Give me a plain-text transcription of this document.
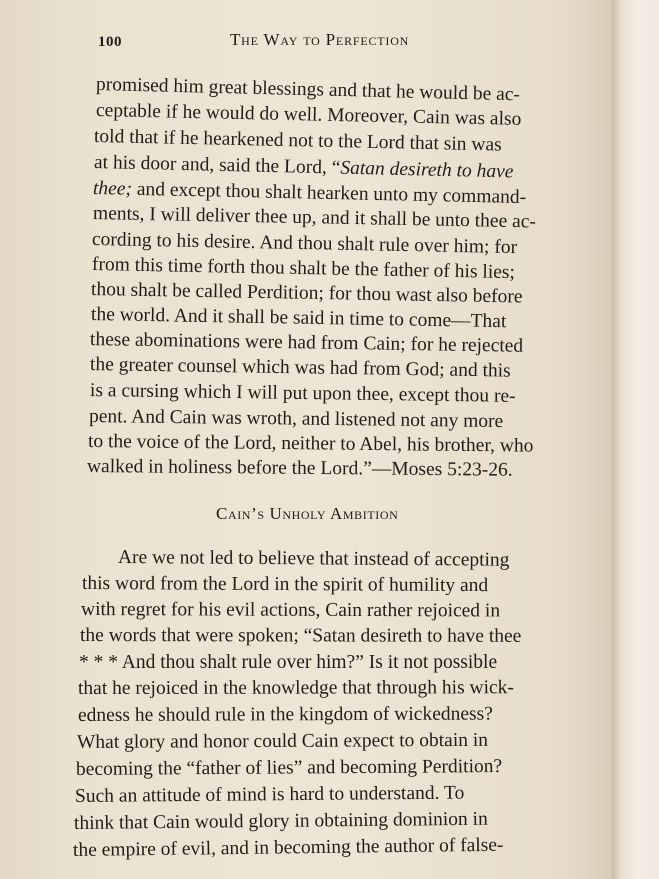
100	The Way to Perfection
promised him great blessings and that he would be ac-
ceptable if he would do well. Moreover, Cain was also
told that if he hearkened not to the Lord that sin was
at his door and, said the Lord, “Satan desireth to have
thee; and except thou shalt hearken unto my command-
ments, I will deliver thee up, and it shall be unto thee ac-
cording to his desire. And thou shalt rule over him; for
from this time forth thou shalt be the father of his lies;
thou shalt be called Perdition; for thou wast also before
the world. And it shall be said in time to come—That
these abominations were had from Cain; for he rejected
the greater counsel which was had from God; and this
is a cursing which I will put upon thee, except thou re-
pent. And Cain was wroth, and listened not any more
to the voice of the Lord, neither to Abel, his brother, who
walked in holiness before the Lord.”—Moses 5:23-26.
Cain’s Unholy Ambition
Are we not led to believe that instead of accepting
this word from the Lord in the spirit of humility and
with regret for his evil actions, Cain rather rejoiced in
the words that were spoken; “Satan desireth to have thee
* * * And thou shalt rule over him?” Is it not possible
that he rejoiced in the knowledge that through his wick-
edness he should rule in the kingdom of wickedness?
What glory and honor could Cain expect to obtain in
becoming the “father of lies” and becoming Perdition?
Such an attitude of mind is hard to understand. To
think that Cain would glory in obtaining dominion in
the empire of evil, and in becoming the author of false-
